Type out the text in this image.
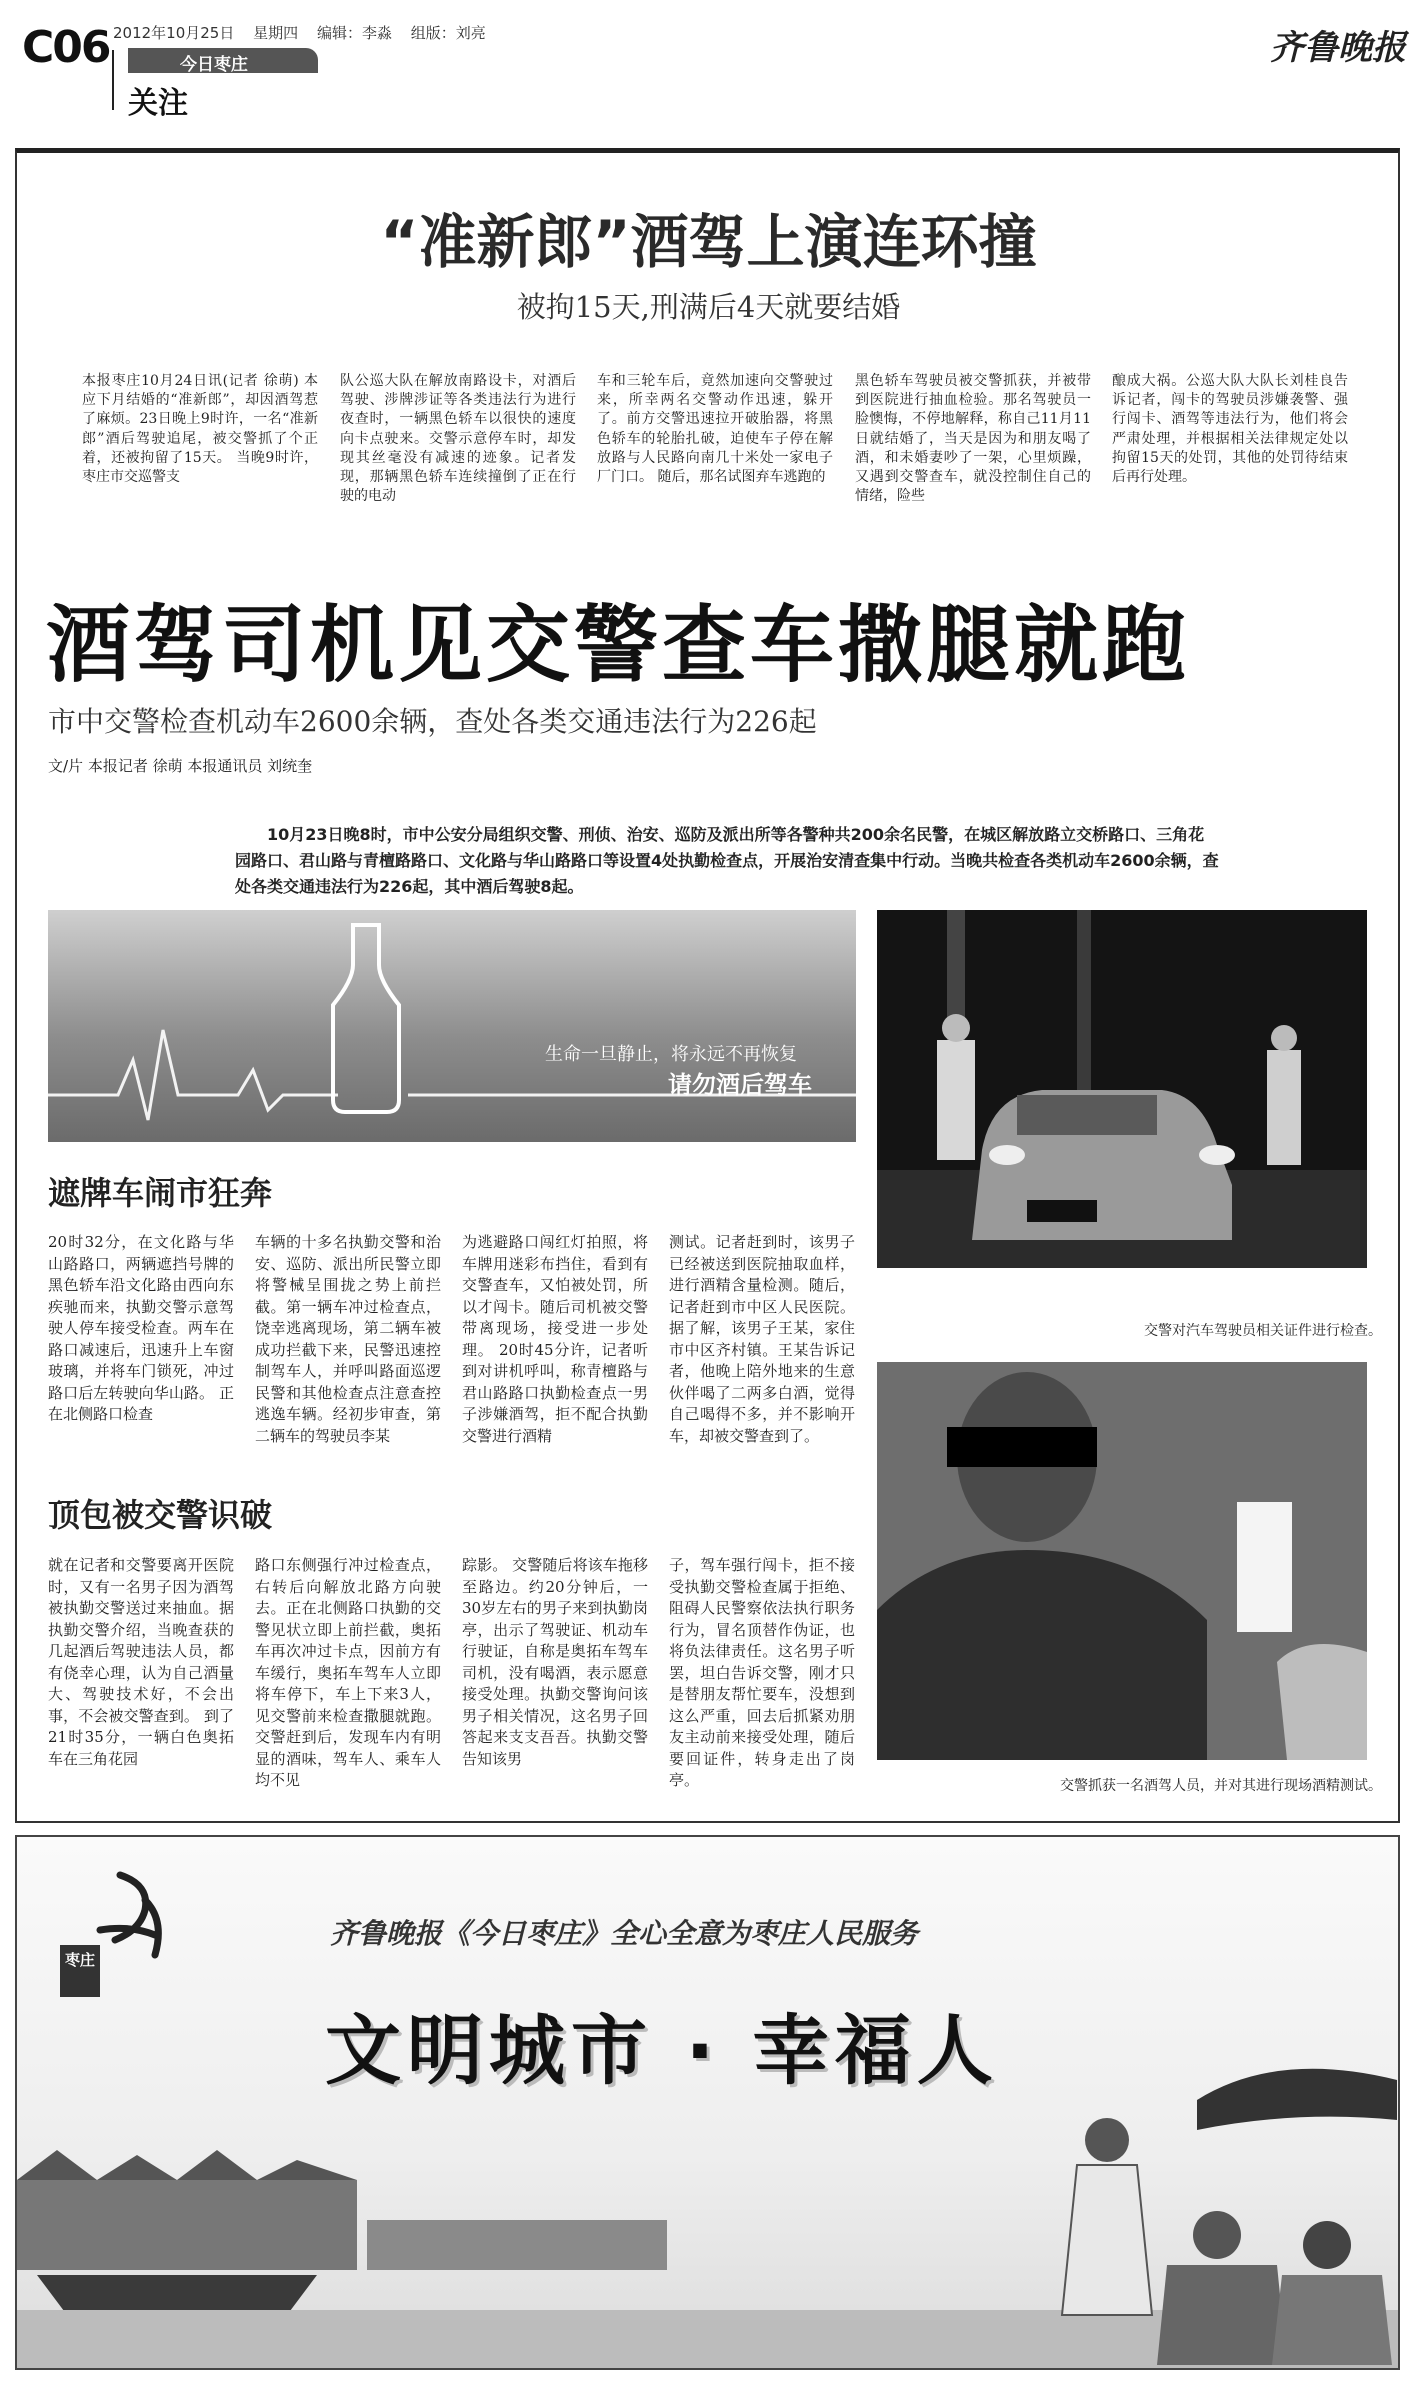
C06 2012年10月25日 星期四 编辑：李淼 组版：刘亮
今日枣庄
关注
齐鲁晚报
“准新郎”酒驾上演连环撞
被拘15天,刑满后4天就要结婚
本报枣庄10月24日讯(记者 徐萌) 本应下月结婚的“准新郎”，却因酒驾惹了麻烦。23日晚上9时许，一名“准新郎”酒后驾驶追尾，被交警抓了个正着，还被拘留了15天。 当晚9时许，枣庄市交巡警支
队公巡大队在解放南路设卡，对酒后驾驶、涉牌涉证等各类违法行为进行夜查时，一辆黑色轿车以很快的速度向卡点驶来。交警示意停车时，却发现其丝毫没有减速的迹象。记者发现，那辆黑色轿车连续撞倒了正在行驶的电动
车和三轮车后，竟然加速向交警驶过来，所幸两名交警动作迅速，躲开了。前方交警迅速拉开破胎器，将黑色轿车的轮胎扎破，迫使车子停在解放路与人民路向南几十米处一家电子厂门口。 随后，那名试图弃车逃跑的
黑色轿车驾驶员被交警抓获，并被带到医院进行抽血检验。那名驾驶员一脸懊悔，不停地解释，称自己11月11日就结婚了，当天是因为和朋友喝了酒，和未婚妻吵了一架，心里烦躁，又遇到交警查车，就没控制住自己的情绪，险些
酿成大祸。公巡大队大队长刘桂良告诉记者，闯卡的驾驶员涉嫌袭警、强行闯卡、酒驾等违法行为，他们将会严肃处理，并根据相关法律规定处以拘留15天的处罚，其他的处罚待结束后再行处理。
酒驾司机见交警查车撒腿就跑
市中交警检查机动车2600余辆，查处各类交通违法行为226起
文/片 本报记者 徐萌 本报通讯员 刘统奎
10月23日晚8时，市中公安分局组织交警、刑侦、治安、巡防及派出所等各警种共200余名民警，在城区解放路立交桥路口、三角花园路口、君山路与青檀路路口、文化路与华山路路口等设置4处执勤检查点，开展治安清查集中行动。当晚共检查各类机动车2600余辆，查处各类交通违法行为226起，其中酒后驾驶8起。
生命一旦静止，将永远不再恢复
请勿酒后驾车
交警对汽车驾驶员相关证件进行检查。
交警抓获一名酒驾人员，并对其进行现场酒精测试。
遮牌车闹市狂奔
20时32分，在文化路与华山路路口，两辆遮挡号牌的黑色轿车沿文化路由西向东疾驰而来，执勤交警示意驾驶人停车接受检查。两车在路口减速后，迅速升上车窗玻璃，并将车门锁死，冲过路口后左转驶向华山路。 正在北侧路口检查
车辆的十多名执勤交警和治安、巡防、派出所民警立即将警械呈围拢之势上前拦截。第一辆车冲过检查点，饶幸逃离现场，第二辆车被成功拦截下来，民警迅速控制驾车人，并呼叫路面巡逻民警和其他检查点注意查控逃逸车辆。经初步审查，第二辆车的驾驶员李某
为逃避路口闯红灯拍照，将车牌用迷彩布挡住，看到有交警查车，又怕被处罚，所以才闯卡。随后司机被交警带离现场，接受进一步处理。 20时45分许，记者听到对讲机呼叫，称青檀路与君山路路口执勤检查点一男子涉嫌酒驾，拒不配合执勤交警进行酒精
测试。记者赶到时，该男子已经被送到医院抽取血样，进行酒精含量检测。随后，记者赶到市中区人民医院。据了解，该男子王某，家住市中区齐村镇。王某告诉记者，他晚上陪外地来的生意伙伴喝了二两多白酒，觉得自己喝得不多，并不影响开车，却被交警查到了。
顶包被交警识破
就在记者和交警要离开医院时，又有一名男子因为酒驾被执勤交警送过来抽血。据执勤交警介绍，当晚查获的几起酒后驾驶违法人员，都有侥幸心理，认为自己酒量大、驾驶技术好，不会出事，不会被交警查到。 到了21时35分，一辆白色奥拓车在三角花园
路口东侧强行冲过检查点，右转后向解放北路方向驶去。正在北侧路口执勤的交警见状立即上前拦截，奥拓车再次冲过卡点，因前方有车缓行，奥拓车驾车人立即将车停下，车上下来3人，见交警前来检查撒腿就跑。交警赶到后，发现车内有明显的酒味，驾车人、乘车人均不见
踪影。 交警随后将该车拖移至路边。约20分钟后，一30岁左右的男子来到执勤岗亭，出示了驾驶证、机动车行驶证，自称是奥拓车驾车司机，没有喝酒，表示愿意接受处理。执勤交警询问该男子相关情况，这名男子回答起来支支吾吾。执勤交警告知该男
子，驾车强行闯卡，拒不接受执勤交警检查属于拒绝、阻碍人民警察依法执行职务行为，冒名顶替作伪证，也将负法律责任。这名男子听罢，坦白告诉交警，刚才只是替朋友帮忙要车，没想到这么严重，回去后抓紧劝朋友主动前来接受处理，随后要回证件，转身走出了岗亭。
枣庄
齐鲁晚报《今日枣庄》全心全意为枣庄人民服务
文明城市 · 幸福人
